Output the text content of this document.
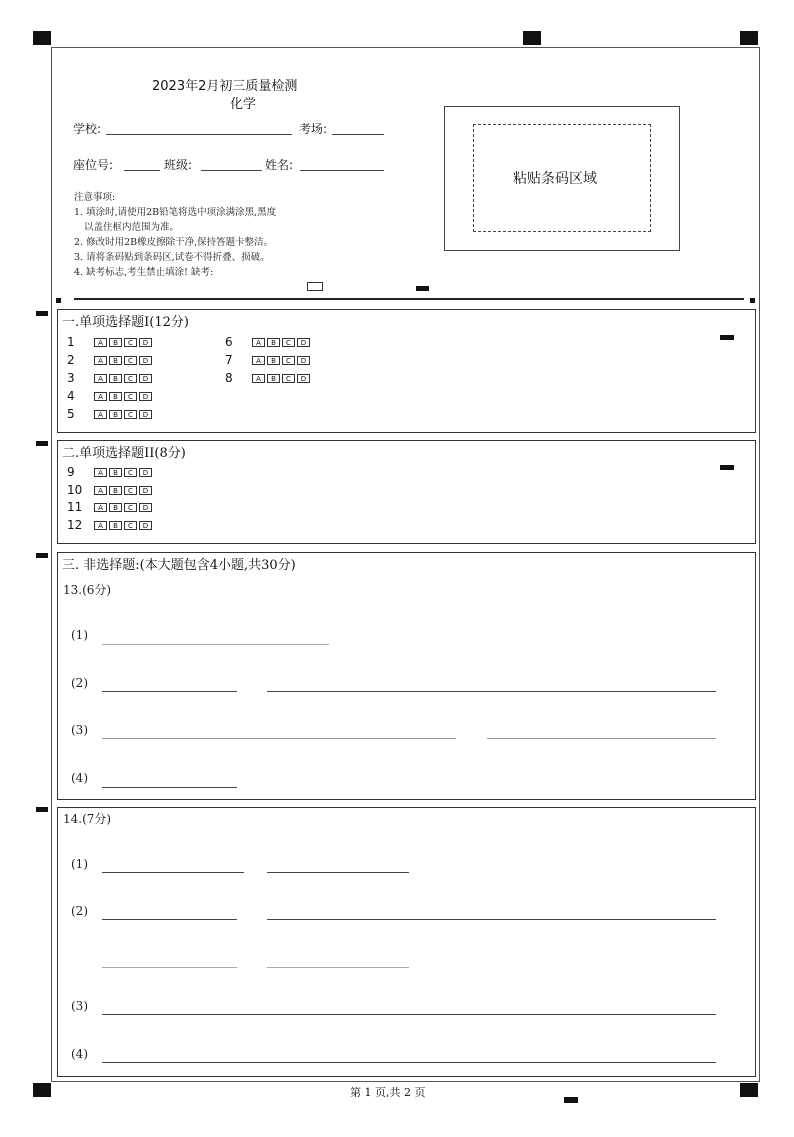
2023年2月初三质量检测
化学
学校:	考场:
座位号:	班级:	姓名:
注意事项:
1. 填涂时,请使用2B铅笔将选中项涂满涂黑,黑度
以盖住框内范围为准。
2. 修改时用2B橡皮擦除干净,保持答题卡整洁。
3. 请将条码贴到条码区,试卷不得折叠、损破。
4. 缺考标志,考生禁止填涂! 缺考:
粘贴条码区域
一.单项选择题I(12分)
1	A	B	C	D
2	A	B	C	D
3	A	B	C	D
4	A	B	C	D
5	A	B	C	D
6	A	B	C	D
7	A	B	C	D
8	A	B	C	D
二.单项选择题II(8分)
9	A	B	C	D
10	A	B	C	D
11	A	B	C	D
12	A	B	C	D
三. 非选择题:(本大题包含4小题,共30分)
13.(6分)
(1)
(2)
(3)
(4)
14.(7分)
(1)
(2)
(3)
(4)
第 1 页,共 2 页
